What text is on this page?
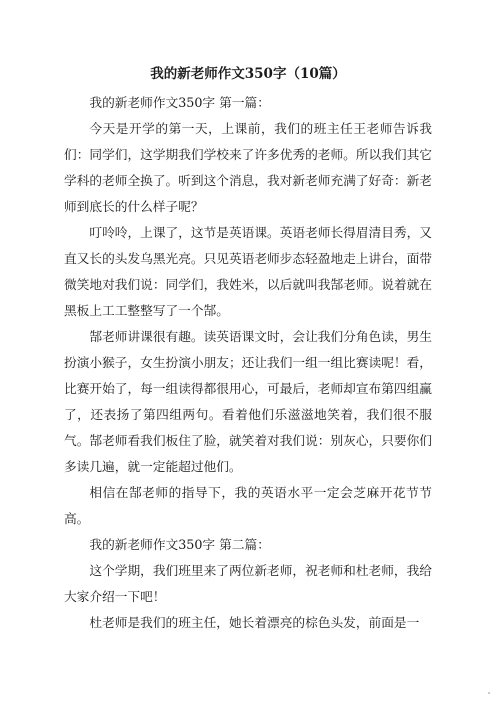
我的新老师作文350字（10篇）

我的新老师作文350字 第一篇：

今天是开学的第一天，上课前，我们的班主任王老师告诉我们：同学们，这学期我们学校来了许多优秀的老师。所以我们其它学科的老师全换了。听到这个消息，我对新老师充满了好奇：新老师到底长的什么样子呢？

叮呤呤，上课了，这节是英语课。英语老师长得眉清目秀，又直又长的头发乌黑光亮。只见英语老师步态轻盈地走上讲台，面带微笑地对我们说：同学们，我姓米，以后就叫我郜老师。说着就在黑板上工工整整写了一个郜。

郜老师讲课很有趣。读英语课文时，会让我们分角色读，男生扮演小猴子，女生扮演小朋友；还让我们一组一组比赛读呢！看，比赛开始了，每一组读得都很用心，可最后，老师却宣布第四组赢了，还表扬了第四组两句。看着他们乐滋滋地笑着，我们很不服气。郜老师看我们板住了脸，就笑着对我们说：别灰心，只要你们多读几遍，就一定能超过他们。

相信在郜老师的指导下，我的英语水平一定会芝麻开花节节高。

我的新老师作文350字 第二篇：

这个学期，我们班里来了两位新老师，祝老师和杜老师，我给大家介绍一下吧！

杜老师是我们的班主任，她长着漂亮的棕色头发，前面是一
